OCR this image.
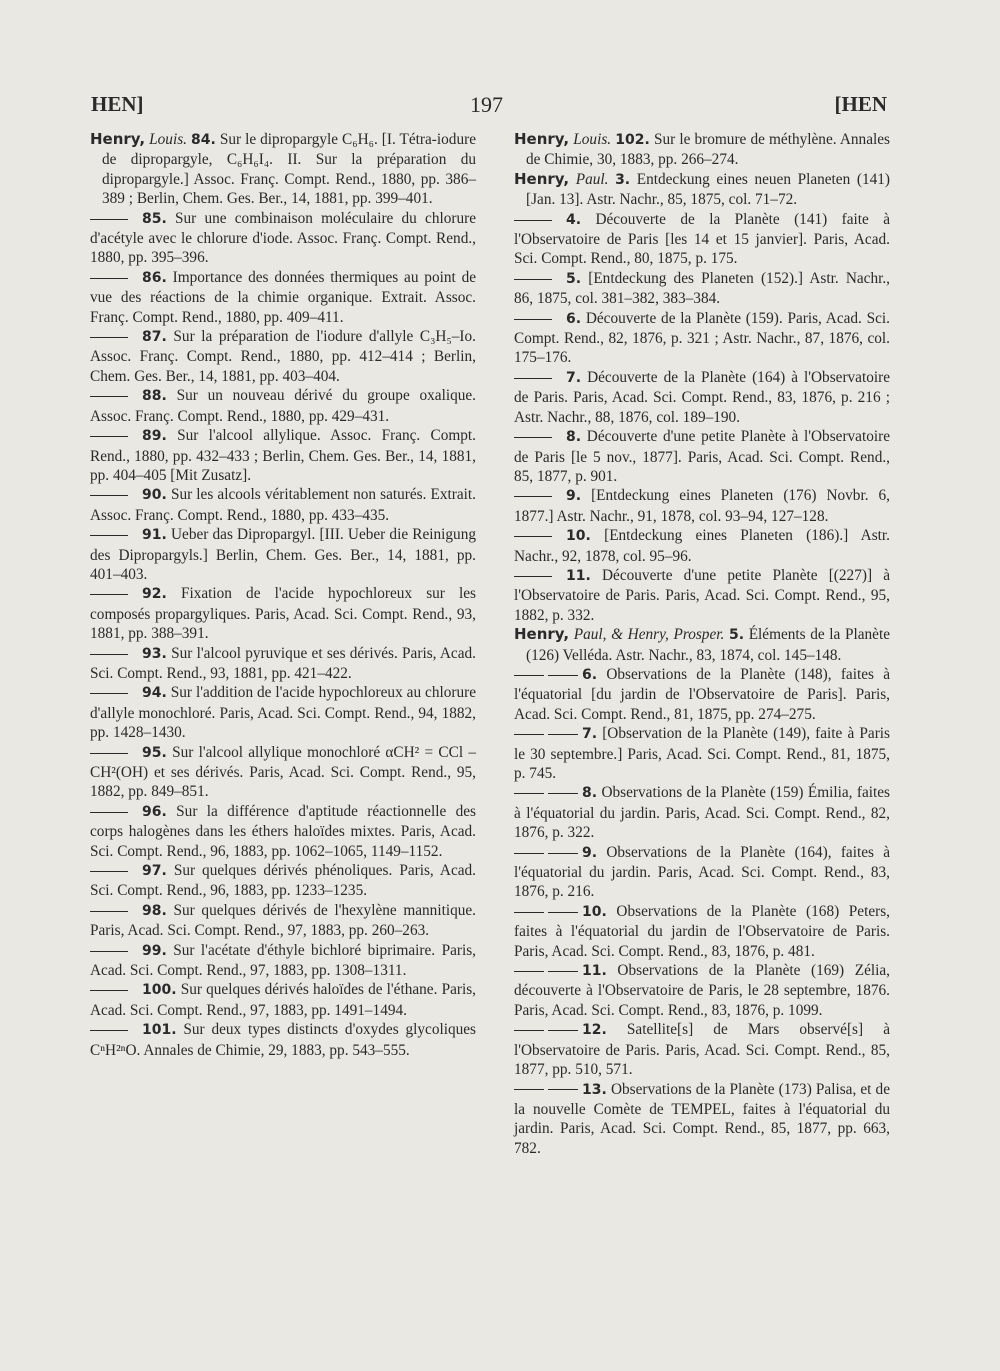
HEN]	197	[HEN
Henry, Louis. 84. Sur le dipropargyle C₆H₆. [I. Tétra-iodure de dipropargyle, C₆H₆I₄. II. Sur la préparation du dipropargyle.] Assoc. Franç. Compt. Rend., 1880, pp. 386–389 ; Berlin, Chem. Ges. Ber., 14, 1881, pp. 399–401.
85. Sur une combinaison moléculaire du chlorure d'acétyle avec le chlorure d'iode. Assoc. Franç. Compt. Rend., 1880, pp. 395–396.
86. Importance des données thermiques au point de vue des réactions de la chimie organique. Extrait. Assoc. Franç. Compt. Rend., 1880, pp. 409–411.
87. Sur la préparation de l'iodure d'allyle C₃H₅–Io. Assoc. Franç. Compt. Rend., 1880, pp. 412–414 ; Berlin, Chem. Ges. Ber., 14, 1881, pp. 403–404.
88. Sur un nouveau dérivé du groupe oxalique. Assoc. Franç. Compt. Rend., 1880, pp. 429–431.
89. Sur l'alcool allylique. Assoc. Franç. Compt. Rend., 1880, pp. 432–433 ; Berlin, Chem. Ges. Ber., 14, 1881, pp. 404–405 [Mit Zusatz].
90. Sur les alcools véritablement non saturés. Extrait. Assoc. Franç. Compt. Rend., 1880, pp. 433–435.
91. Ueber das Dipropargyl. [III. Ueber die Reinigung des Dipropargyls.] Berlin, Chem. Ges. Ber., 14, 1881, pp. 401–403.
92. Fixation de l'acide hypochloreux sur les composés propargyliques. Paris, Acad. Sci. Compt. Rend., 93, 1881, pp. 388–391.
93. Sur l'alcool pyruvique et ses dérivés. Paris, Acad. Sci. Compt. Rend., 93, 1881, pp. 421–422.
94. Sur l'addition de l'acide hypochloreux au chlorure d'allyle monochloré. Paris, Acad. Sci. Compt. Rend., 94, 1882, pp. 1428–1430.
95. Sur l'alcool allylique monochloré αCH² = CCl – CH²(OH) et ses dérivés. Paris, Acad. Sci. Compt. Rend., 95, 1882, pp. 849–851.
96. Sur la différence d'aptitude réactionnelle des corps halogènes dans les éthers haloïdes mixtes. Paris, Acad. Sci. Compt. Rend., 96, 1883, pp. 1062–1065, 1149–1152.
97. Sur quelques dérivés phénoliques. Paris, Acad. Sci. Compt. Rend., 96, 1883, pp. 1233–1235.
98. Sur quelques dérivés de l'hexylène mannitique. Paris, Acad. Sci. Compt. Rend., 97, 1883, pp. 260–263.
99. Sur l'acétate d'éthyle bichloré biprimaire. Paris, Acad. Sci. Compt. Rend., 97, 1883, pp. 1308–1311.
100. Sur quelques dérivés haloïdes de l'éthane. Paris, Acad. Sci. Compt. Rend., 97, 1883, pp. 1491–1494.
101. Sur deux types distincts d'oxydes glycoliques CⁿH²ⁿO. Annales de Chimie, 29, 1883, pp. 543–555.
Henry, Louis. 102. Sur le bromure de méthylène. Annales de Chimie, 30, 1883, pp. 266–274.
Henry, Paul. 3. Entdeckung eines neuen Planeten (141) [Jan. 13]. Astr. Nachr., 85, 1875, col. 71–72.
4. Découverte de la Planète (141) faite à l'Observatoire de Paris [les 14 et 15 janvier]. Paris, Acad. Sci. Compt. Rend., 80, 1875, p. 175.
5. [Entdeckung des Planeten (152).] Astr. Nachr., 86, 1875, col. 381–382, 383–384.
6. Découverte de la Planète (159). Paris, Acad. Sci. Compt. Rend., 82, 1876, p. 321 ; Astr. Nachr., 87, 1876, col. 175–176.
7. Découverte de la Planète (164) à l'Observatoire de Paris. Paris, Acad. Sci. Compt. Rend., 83, 1876, p. 216 ; Astr. Nachr., 88, 1876, col. 189–190.
8. Découverte d'une petite Planète à l'Observatoire de Paris [le 5 nov., 1877]. Paris, Acad. Sci. Compt. Rend., 85, 1877, p. 901.
9. [Entdeckung eines Planeten (176) Novbr. 6, 1877.] Astr. Nachr., 91, 1878, col. 93–94, 127–128.
10. [Entdeckung eines Planeten (186).] Astr. Nachr., 92, 1878, col. 95–96.
11. Découverte d'une petite Planète [(227)] à l'Observatoire de Paris. Paris, Acad. Sci. Compt. Rend., 95, 1882, p. 332.
Henry, Paul, & Henry, Prosper. 5. Éléments de la Planète (126) Velléda. Astr. Nachr., 83, 1874, col. 145–148.
6. Observations de la Planète (148), faites à l'équatorial [du jardin de l'Observatoire de Paris]. Paris, Acad. Sci. Compt. Rend., 81, 1875, pp. 274–275.
7. [Observation de la Planète (149), faite à Paris le 30 septembre.] Paris, Acad. Sci. Compt. Rend., 81, 1875, p. 745.
8. Observations de la Planète (159) Émilia, faites à l'équatorial du jardin. Paris, Acad. Sci. Compt. Rend., 82, 1876, p. 322.
9. Observations de la Planète (164), faites à l'équatorial du jardin. Paris, Acad. Sci. Compt. Rend., 83, 1876, p. 216.
10. Observations de la Planète (168) Peters, faites à l'équatorial du jardin de l'Observatoire de Paris. Paris, Acad. Sci. Compt. Rend., 83, 1876, p. 481.
11. Observations de la Planète (169) Zélia, découverte à l'Observatoire de Paris, le 28 septembre, 1876. Paris, Acad. Sci. Compt. Rend., 83, 1876, p. 1099.
12. Satellite[s] de Mars observé[s] à l'Observatoire de Paris. Paris, Acad. Sci. Compt. Rend., 85, 1877, pp. 510, 571.
13. Observations de la Planète (173) Palisa, et de la nouvelle Comète de TEMPEL, faites à l'équatorial du jardin. Paris, Acad. Sci. Compt. Rend., 85, 1877, pp. 663, 782.
